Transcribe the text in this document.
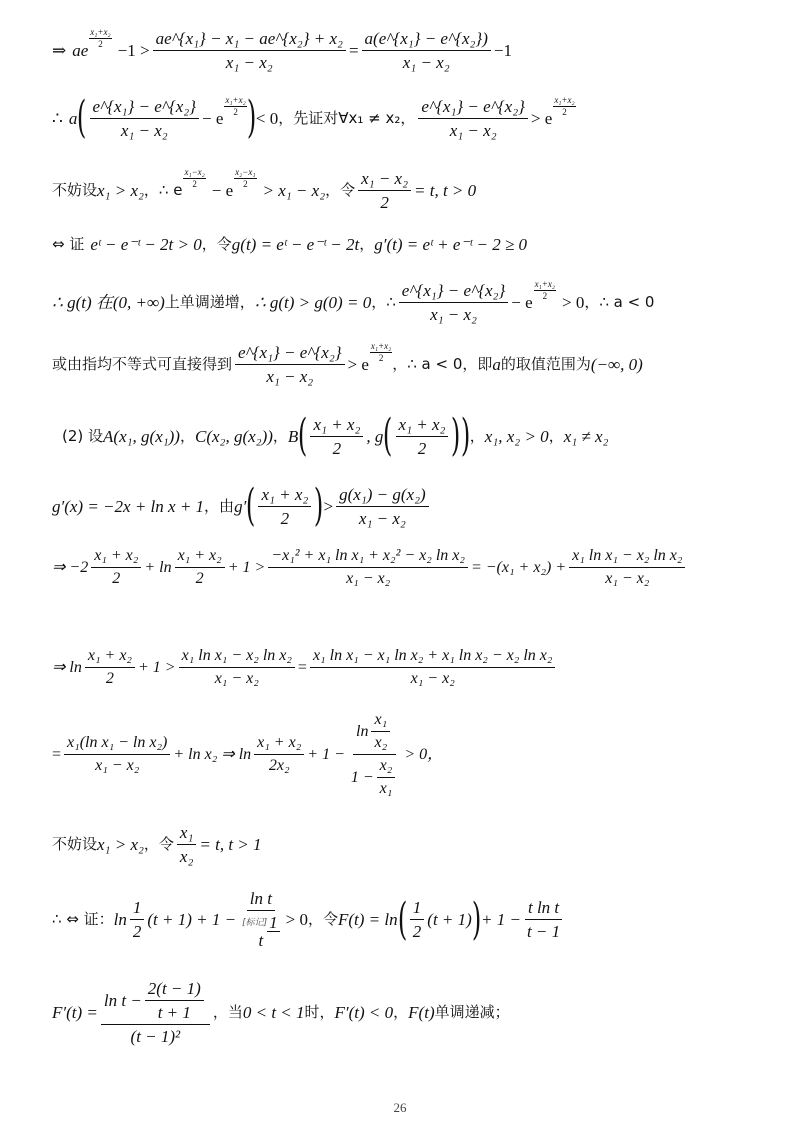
⇒ ae
$\frac{\text{x₁+x₂}}{2}$
$-1 > \frac{\text{ae\textasciicircum{}\{x₁\} − x₁ − ae\textasciicircum{}\{x₂\} + x₂}}{\text{x₁ − x₂}} = \frac{\text{a(e\textasciicircum{}\{x₁\} − e\textasciicircum{}\{x₂\})}}{\text{x₁ − x₂}} -1$
∴ a ( $\frac{\text{e\textasciicircum{}\{x₁\} − e\textasciicircum{}\{x₂\}}}{\text{x₁ − x₂}} - e$
$\frac{\text{x₁+x₂}}{2}$ ) < 0 ，先证对∀x₁ ≠ x₂， $\frac{\text{e\textasciicircum{}\{x₁\} − e\textasciicircum{}\{x₂\}}}{\text{x₁ − x₂}} > e$
$\frac{\text{x₁+x₂}}{2}$
不妨设 x₁ > x₂ ，∴ e
$\frac{\text{x₁−x₂}}{2}$
− e
$\frac{\text{x₂−x₁}}{2}$
> x₁ − x₂ ，令 $\frac{\text{x₁ − x₂}}{2} = t$, t > 0
⇔ 证 eᵗ − e⁻ᵗ − 2t > 0 ，令 g(t) = eᵗ − e⁻ᵗ − 2t ， g′(t) = eᵗ + e⁻ᵗ − 2 ≥ 0
∴ g(t) 在 (0, +∞) 上单调递增， ∴ g(t) > g(0) = 0 ，∴ $\frac{\text{e\textasciicircum{}\{x₁\} − e\textasciicircum{}\{x₂\}}}{\text{x₁ − x₂}} - e$
$\frac{\text{x₁+x₂}}{2}$
> 0 ，∴ a < 0
或由指均不等式可直接得到 $\frac{\text{e\textasciicircum{}\{x₁\} − e\textasciicircum{}\{x₂\}}}{\text{x₁ − x₂}} > e$
$\frac{\text{x₁+x₂}}{2}$
，∴ a < 0，即 a 的取值范围为 (−∞, 0)
(2) 设 A(x₁, g(x₁)) ， C(x₂, g(x₂)) ， B ( $\frac{\text{x₁ + x₂}}{2}$ , g ( $\frac{\text{x₁ + x₂}}{2}$ ) ) ， x₁, x₂ > 0 ， x₁ ≠ x₂
g′(x) = −2x + ln x + 1 ，由 g′ ( $\frac{\text{x₁ + x₂}}{2}$ ) > $\frac{\text{g(x₁) − g(x₂)}}{\text{x₁ − x₂}}$
⇒ $-2 \frac{\text{x₁ + x₂}}{2} + \ln \frac{\text{x₁ + x₂}}{2} + 1 > \frac{\text{−x₁² + x₁ ln x₁ + x₂² − x₂ ln x₂}}{\text{x₁ − x₂}} = -(x_1 + x_2) + \frac{\text{x₁ ln x₁ − x₂ ln x₂}}{\text{x₁ − x₂}}$
⇒ $\ln \frac{\text{x₁ + x₂}}{2} + 1 > \frac{\text{x₁ ln x₁ − x₂ ln x₂}}{\text{x₁ − x₂}} = \frac{\text{x₁ ln x₁ − x₁ ln x₂ + x₁ ln x₂ − x₂ ln x₂}}{\text{x₁ − x₂}}$
= $\frac{\text{x₁(ln x₁ − ln x₂)}}{\text{x₁ − x₂}} + \ln x_2$ ⇒ $\ln \frac{\text{x₁ + x₂}}{\text{2x₂}} + 1 - \frac{\ln \frac{\text{x₁}}{\text{x₂}}}{1 - \frac{\text{x₂}}{\text{x₁}}} > 0$，
不妨设 x₁ > x₂ ，令 $\frac{\text{x₁}}{\text{x₂}} = t$, t > 1
∴ ⇔ 证： $\ln \frac{1}{2} (t + 1) + 1 - \ln t$
[标记] 1
t > 0 ，令 F(t) = ln ( $\frac{1}{2} (t + 1)$ ) + $1 - \frac{\text{t ln t}}{t - 1}$
$F'(t) = \frac{\ln t - \frac{2(t - 1)}{t + 1}}{\text{(t − 1)²}}$ ，当 0 < t < 1 时， F′(t) < 0 ， F(t) 单调递减；
26
